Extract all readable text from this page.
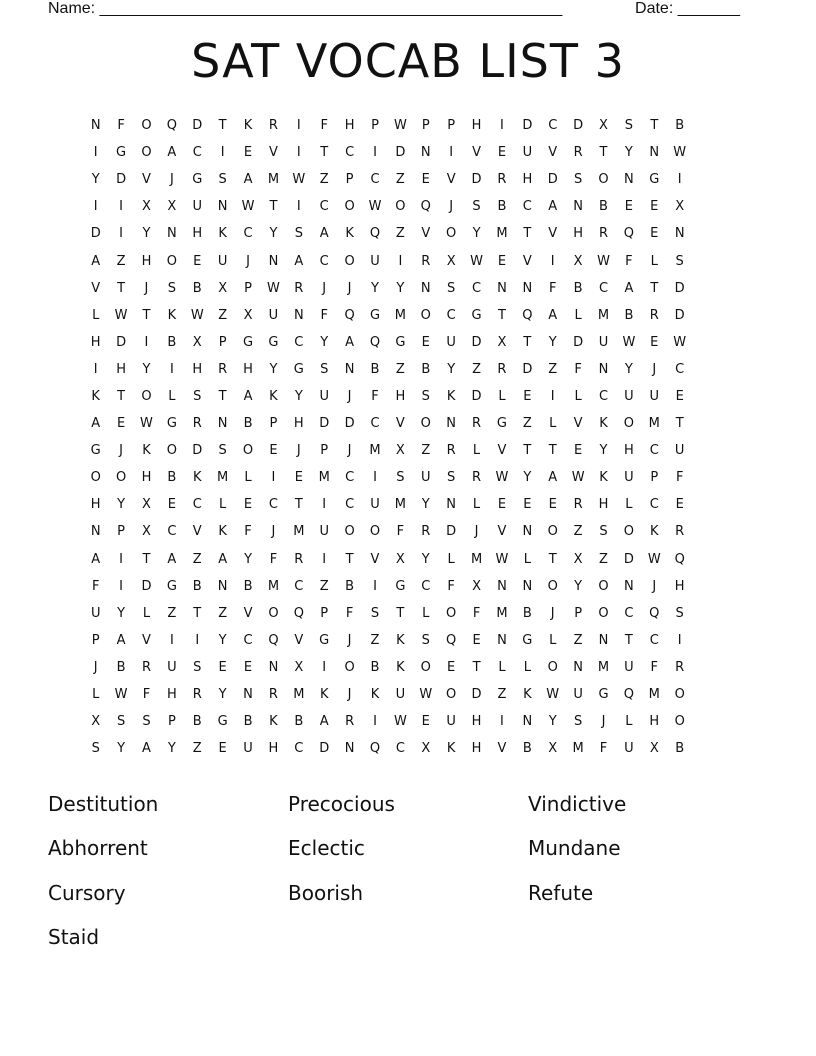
Name: ____________________________________________________	Date: _______
SAT VOCAB LIST 3
N	F	O	Q	D	T	K	R	I	F	H	P	W	P	P	H	I	D	C	D	X	S	T	B
I	G	O	A	C	I	E	V	I	T	C	I	D	N	I	V	E	U	V	R	T	Y	N	W
Y	D	V	J	G	S	A	M	W	Z	P	C	Z	E	V	D	R	H	D	S	O	N	G	I
I	I	X	X	U	N	W	T	I	C	O	W	O	Q	J	S	B	C	A	N	B	E	E	X
D	I	Y	N	H	K	C	Y	S	A	K	Q	Z	V	O	Y	M	T	V	H	R	Q	E	N
A	Z	H	O	E	U	J	N	A	C	O	U	I	R	X	W	E	V	I	X	W	F	L	S
V	T	J	S	B	X	P	W	R	J	J	Y	Y	N	S	C	N	N	F	B	C	A	T	D
L	W	T	K	W	Z	X	U	N	F	Q	G	M	O	C	G	T	Q	A	L	M	B	R	D
H	D	I	B	X	P	G	G	C	Y	A	Q	G	E	U	D	X	T	Y	D	U	W	E	W
I	H	Y	I	H	R	H	Y	G	S	N	B	Z	B	Y	Z	R	D	Z	F	N	Y	J	C
K	T	O	L	S	T	A	K	Y	U	J	F	H	S	K	D	L	E	I	L	C	U	U	E
A	E	W	G	R	N	B	P	H	D	D	C	V	O	N	R	G	Z	L	V	K	O	M	T
G	J	K	O	D	S	O	E	J	P	J	M	X	Z	R	L	V	T	T	E	Y	H	C	U
O	O	H	B	K	M	L	I	E	M	C	I	S	U	S	R	W	Y	A	W	K	U	P	F
H	Y	X	E	C	L	E	C	T	I	C	U	M	Y	N	L	E	E	E	R	H	L	C	E
N	P	X	C	V	K	F	J	M	U	O	O	F	R	D	J	V	N	O	Z	S	O	K	R
A	I	T	A	Z	A	Y	F	R	I	T	V	X	Y	L	M	W	L	T	X	Z	D	W	Q
F	I	D	G	B	N	B	M	C	Z	B	I	G	C	F	X	N	N	O	Y	O	N	J	H
U	Y	L	Z	T	Z	V	O	Q	P	F	S	T	L	O	F	M	B	J	P	O	C	Q	S
P	A	V	I	I	Y	C	Q	V	G	J	Z	K	S	Q	E	N	G	L	Z	N	T	C	I
J	B	R	U	S	E	E	N	X	I	O	B	K	O	E	T	L	L	O	N	M	U	F	R
L	W	F	H	R	Y	N	R	M	K	J	K	U	W	O	D	Z	K	W	U	G	Q	M	O
X	S	S	P	B	G	B	K	B	A	R	I	W	E	U	H	I	N	Y	S	J	L	H	O
S	Y	A	Y	Z	E	U	H	C	D	N	Q	C	X	K	H	V	B	X	M	F	U	X	B
Destitution	Precocious	Vindictive
Abhorrent	Eclectic	Mundane
Cursory	Boorish	Refute
Staid
